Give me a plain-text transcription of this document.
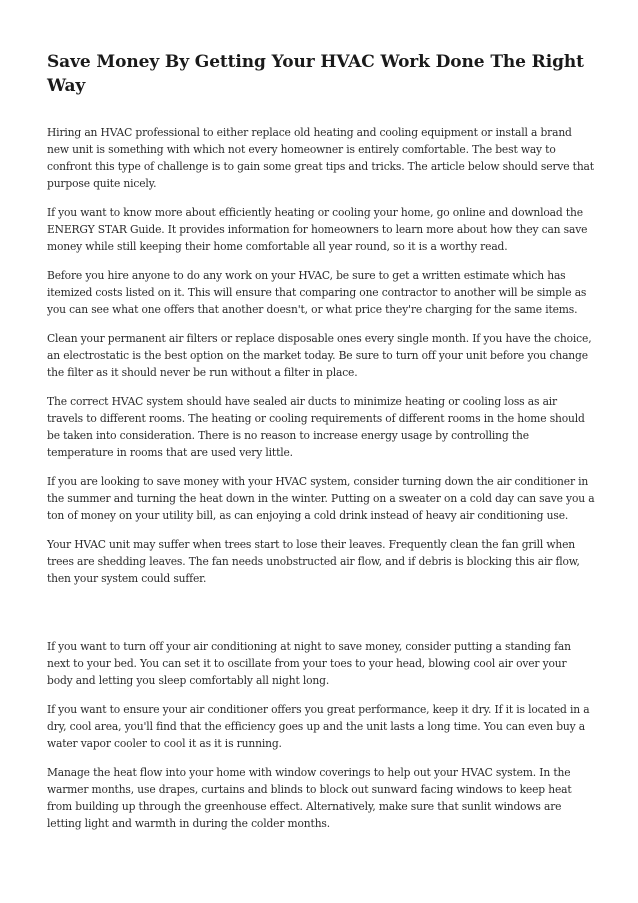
Save Money By Getting Your HVAC Work Done The Right Way

Hiring an HVAC professional to either replace old heating and cooling equipment or install a brand new unit is something with which not every homeowner is entirely comfortable. The best way to confront this type of challenge is to gain some great tips and tricks. The article below should serve that purpose quite nicely.

If you want to know more about efficiently heating or cooling your home, go online and download the ENERGY STAR Guide. It provides information for homeowners to learn more about how they can save money while still keeping their home comfortable all year round, so it is a worthy read.

Before you hire anyone to do any work on your HVAC, be sure to get a written estimate which has itemized costs listed on it. This will ensure that comparing one contractor to another will be simple as you can see what one offers that another doesn't, or what price they're charging for the same items.

Clean your permanent air filters or replace disposable ones every single month. If you have the choice, an electrostatic is the best option on the market today. Be sure to turn off your unit before you change the filter as it should never be run without a filter in place.

The correct HVAC system should have sealed air ducts to minimize heating or cooling loss as air travels to different rooms. The heating or cooling requirements of different rooms in the home should be taken into consideration. There is no reason to increase energy usage by controlling the temperature in rooms that are used very little.

If you are looking to save money with your HVAC system, consider turning down the air conditioner in the summer and turning the heat down in the winter. Putting on a sweater on a cold day can save you a ton of money on your utility bill, as can enjoying a cold drink instead of heavy air conditioning use.

Your HVAC unit may suffer when trees start to lose their leaves. Frequently clean the fan grill when trees are shedding leaves. The fan needs unobstructed air flow, and if debris is blocking this air flow, then your system could suffer.

If you want to turn off your air conditioning at night to save money, consider putting a standing fan next to your bed. You can set it to oscillate from your toes to your head, blowing cool air over your body and letting you sleep comfortably all night long.

If you want to ensure your air conditioner offers you great performance, keep it dry. If it is located in a dry, cool area, you'll find that the efficiency goes up and the unit lasts a long time. You can even buy a water vapor cooler to cool it as it is running.

Manage the heat flow into your home with window coverings to help out your HVAC system. In the warmer months, use drapes, curtains and blinds to block out sunward facing windows to keep heat from building up through the greenhouse effect. Alternatively, make sure that sunlit windows are letting light and warmth in during the colder months.
